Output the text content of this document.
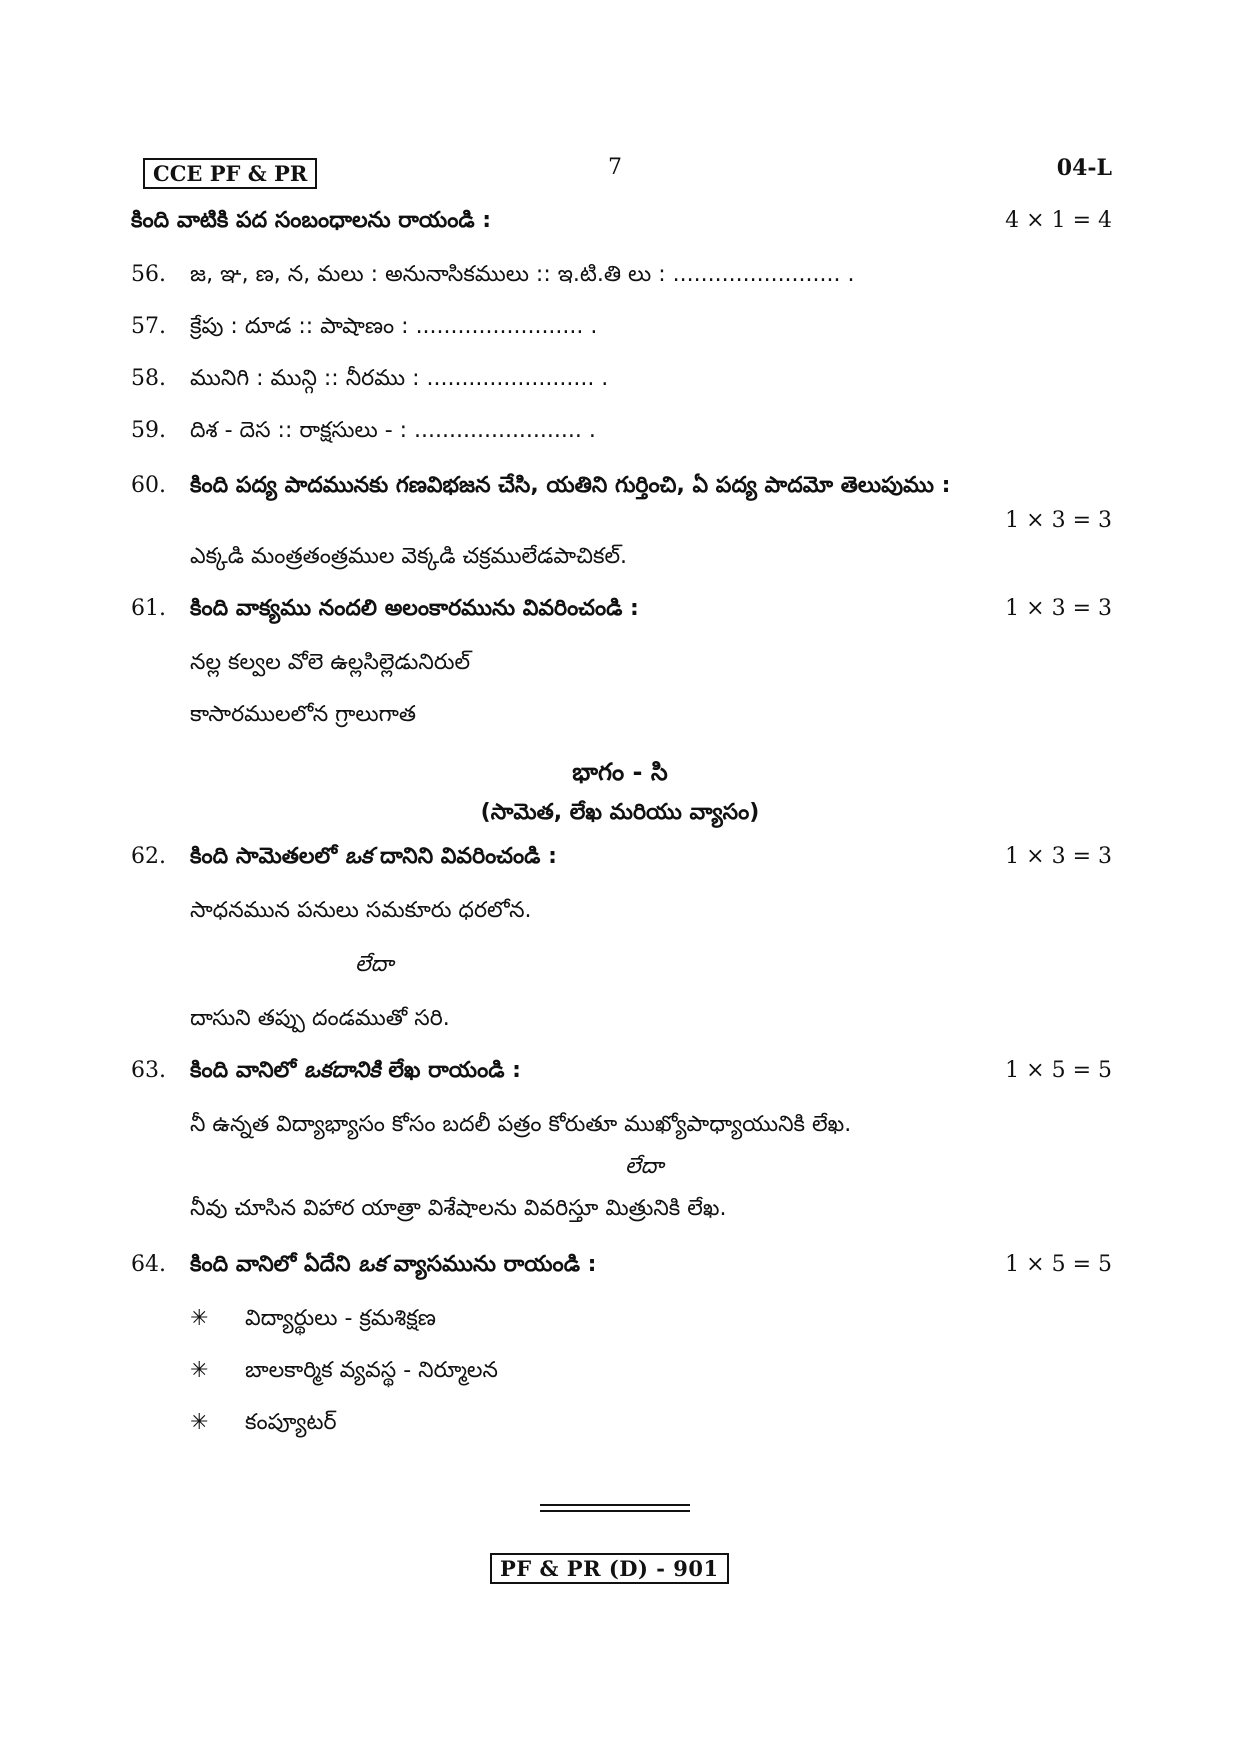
CCE PF & PR	7	04-L
కింది వాటికి పద సంబంధాలను రాయండి :	4 × 1 = 4
56. జ, ఞ, ణ, న, మలు : అనునాసికములు :: ఇ.టి.తి లు : ........................ .
57. క్రేపు : దూడ :: పాషాణం : ........................ .
58. మునిగి : మున్గి :: నీరము : ........................ .
59. దిశ - దెస :: రాక్షసులు - : ........................ .
60. కింది పద్య పాదమునకు గణవిభజన చేసి, యతిని గుర్తించి, ఏ పద్య పాదమో తెలుపుము :
1 × 3 = 3
ఎక్కడి మంత్రతంత్రముల వెక్కడి చక్రములేడపాచికల్.
61. కింది వాక్యము నందలి అలంకారమును వివరించండి :	1 × 3 = 3
నల్ల కల్వల వోలె ఉల్లసిల్లెడునిరుల్
కాసారములలోన గ్రాలుగాత
భాగం - సి
(సామెత, లేఖ మరియు వ్యాసం)
62. కింది సామెతలలో ఒక దానిని వివరించండి :	1 × 3 = 3
సాధనమున పనులు సమకూరు ధరలోన.
లేదా
దాసుని తప్పు దండముతో సరి.
63. కింది వానిలో ఒకదానికి లేఖ రాయండి :	1 × 5 = 5
నీ ఉన్నత విద్యాభ్యాసం కోసం బదలీ పత్రం కోరుతూ ముఖ్యోపాధ్యాయునికి లేఖ.
లేదా
నీవు చూసిన విహార యాత్రా విశేషాలను వివరిస్తూ మిత్రునికి లేఖ.
64. కింది వానిలో ఏదేని ఒక వ్యాసమును రాయండి :	1 × 5 = 5
✳ విద్యార్థులు - క్రమశిక్షణ
✳ బాలకార్మిక వ్యవస్థ - నిర్మూలన
✳ కంప్యూటర్
PF & PR (D) - 901
